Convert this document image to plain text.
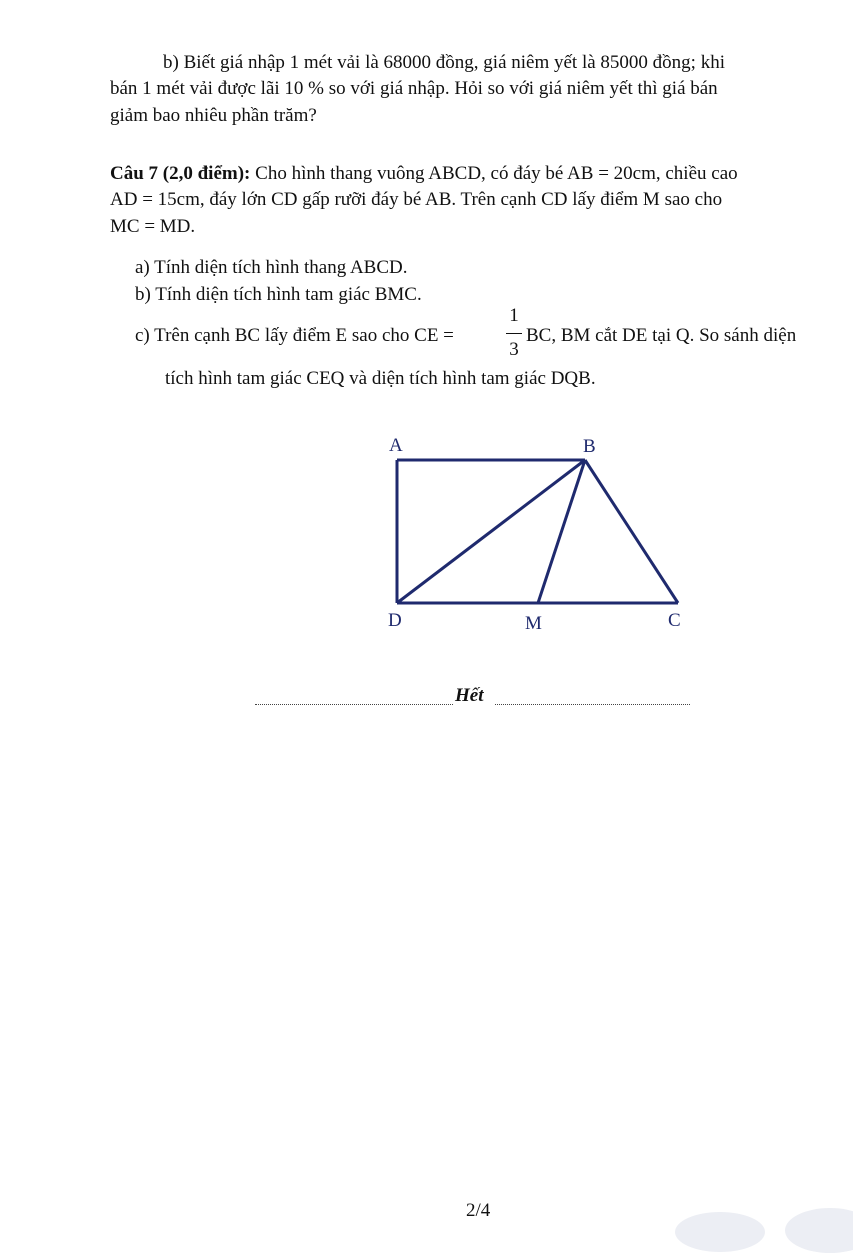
b) Biết giá nhập 1 mét vải là 68000 đồng, giá niêm yết là 85000 đồng; khi
bán 1 mét vải được lãi 10 % so với giá nhập. Hỏi so với giá niêm yết thì giá bán
giảm bao nhiêu phần trăm?
Câu 7 (2,0 điểm): Cho hình thang vuông ABCD, có đáy bé AB = 20cm, chiều cao
AD = 15cm, đáy lớn CD gấp rưỡi đáy bé AB. Trên cạnh CD lấy điểm M sao cho
MC = MD.
a) Tính diện tích hình thang ABCD.
b) Tính diện tích hình tam giác BMC.
c) Trên cạnh BC lấy điểm E sao cho CE =
1
3
BC, BM cắt DE tại Q. So sánh diện
tích hình tam giác CEQ và diện tích hình tam giác DQB.
A	B
D	M	C
Hết
2/4
